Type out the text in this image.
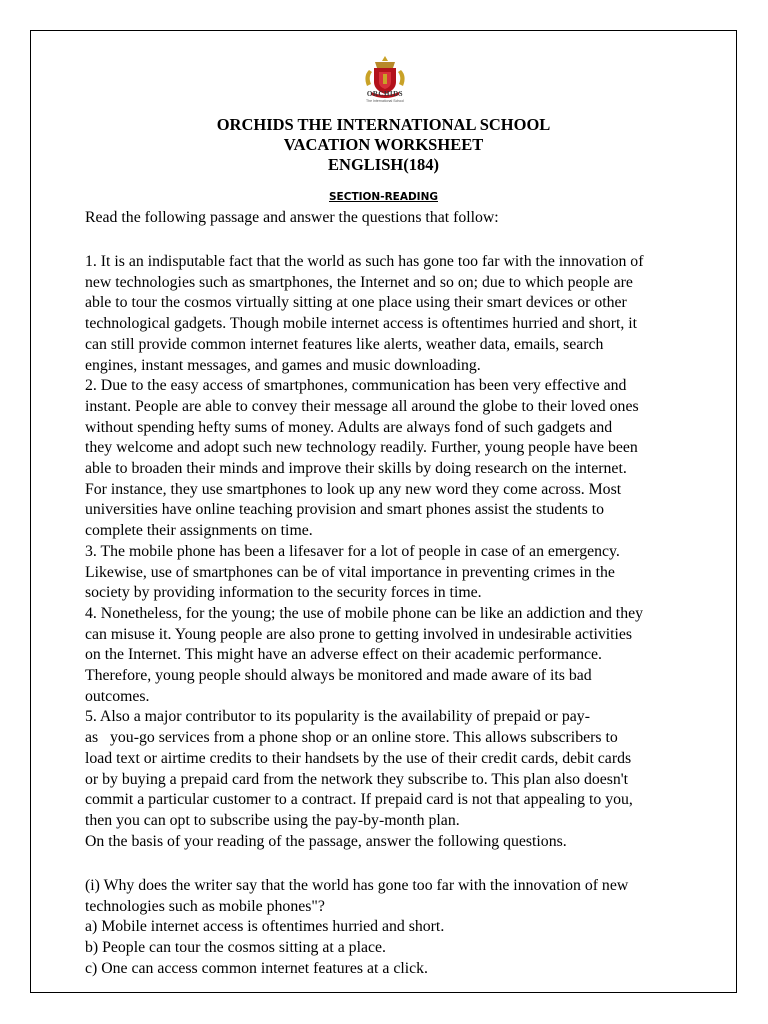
ORCHIDS
The International School
ORCHIDS THE INTERNATIONAL SCHOOL
VACATION WORKSHEET
ENGLISH(184)
SECTION-READING
Read the following passage and answer the questions that follow:
1. It is an indisputable fact that the world as such has gone too far with the innovation of
new technologies such as smartphones, the Internet and so on; due to which people are
able to tour the cosmos virtually sitting at one place using their smart devices or other
technological gadgets. Though mobile internet access is oftentimes hurried and short, it
can still provide common internet features like alerts, weather data, emails, search
engines, instant messages, and games and music downloading.
2. Due to the easy access of smartphones, communication has been very effective and
instant. People are able to convey their message all around the globe to their loved ones
without spending hefty sums of money. Adults are always fond of such gadgets and
they welcome and adopt such new technology readily. Further, young people have been
able to broaden their minds and improve their skills by doing research on the internet.
For instance, they use smartphones to look up any new word they come across. Most
universities have online teaching provision and smart phones assist the students to
complete their assignments on time.
3. The mobile phone has been a lifesaver for a lot of people in case of an emergency.
Likewise, use of smartphones can be of vital importance in preventing crimes in the
society by providing information to the security forces in time.
4. Nonetheless, for the young; the use of mobile phone can be like an addiction and they
can misuse it. Young people are also prone to getting involved in undesirable activities
on the Internet. This might have an adverse effect on their academic performance.
Therefore, young people should always be monitored and made aware of its bad
outcomes.
5. Also a major contributor to its popularity is the availability of prepaid or pay-
as   you-go services from a phone shop or an online store. This allows subscribers to
load text or airtime credits to their handsets by the use of their credit cards, debit cards
or by buying a prepaid card from the network they subscribe to. This plan also doesn't
commit a particular customer to a contract. If prepaid card is not that appealing to you,
then you can opt to subscribe using the pay-by-month plan.
On the basis of your reading of the passage, answer the following questions.
(i) Why does the writer say that the world has gone too far with the innovation of new
technologies such as mobile phones"?
a) Mobile internet access is oftentimes hurried and short.
b) People can tour the cosmos sitting at a place.
c) One can access common internet features at a click.
